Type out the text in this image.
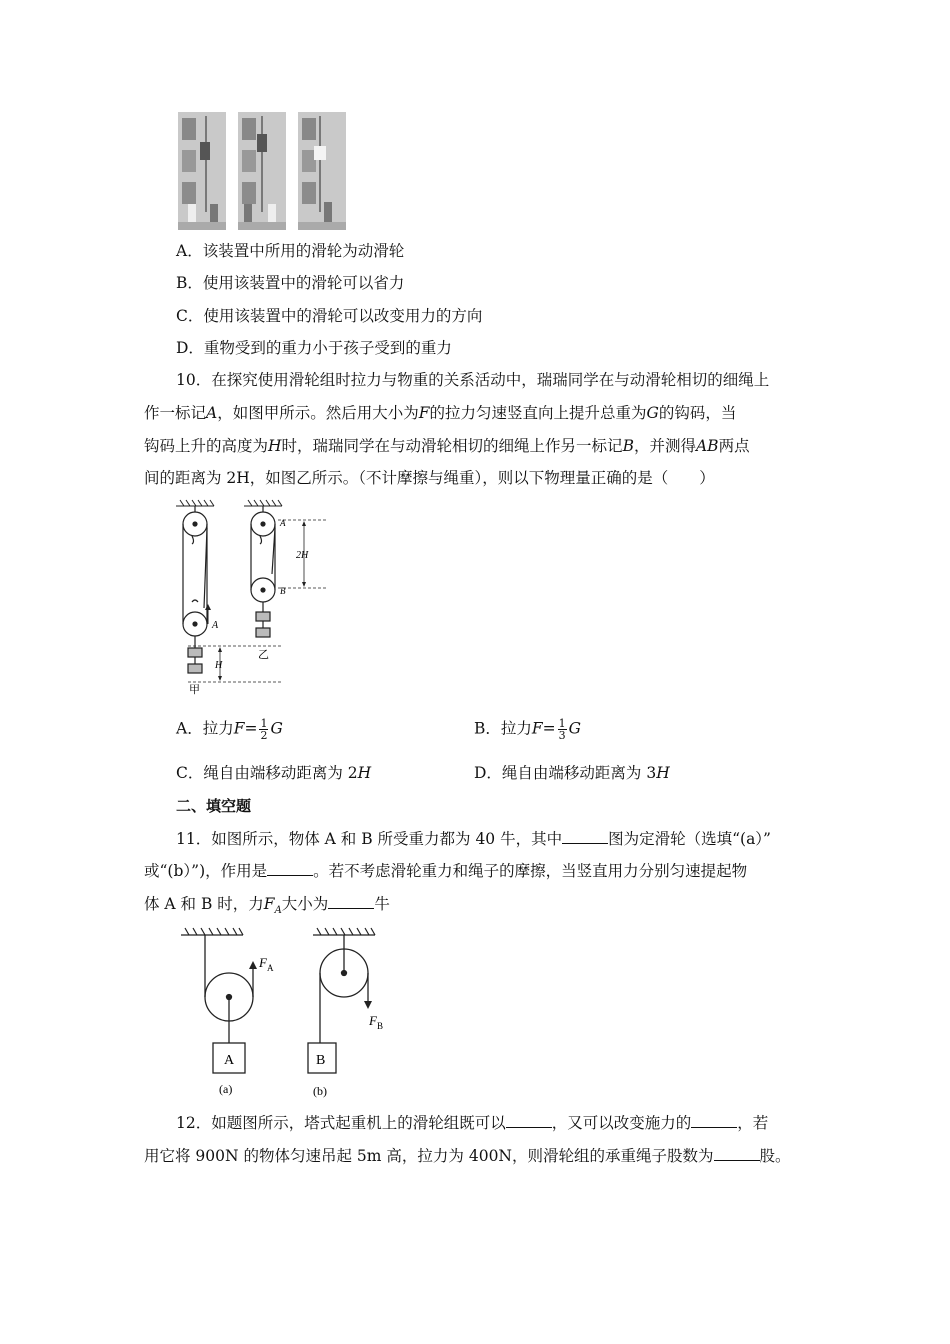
A．该装置中所用的滑轮为动滑轮
B．使用该装置中的滑轮可以省力
C．使用该装置中的滑轮可以改变用力的方向
D．重物受到的重力小于孩子受到的重力
10．在探究使用滑轮组时拉力与物重的关系活动中，瑞瑞同学在与动滑轮相切的细绳上
作一标记A，如图甲所示。然后用大小为F的拉力匀速竖直向上提升总重为G的钩码，当
钩码上升的高度为H时，瑞瑞同学在与动滑轮相切的细绳上作另一标记B，并测得AB两点
间的距离为 2H，如图乙所示。（不计摩擦与绳重），则以下物理量正确的是（　　）
A
H
甲
A
B
2H
乙
A．拉力$F= \frac{1}{2}$ G	B．拉力$F= \frac{1}{3}$ G
C．绳自由端移动距离为 2H	D．绳自由端移动距离为 3H
二、填空题
11．如图所示，物体 A 和 B 所受重力都为 40 牛，其中	图为定滑轮（选填“(a）”
或“(b）”)，作用是	。若不考虑滑轮重力和绳子的摩擦，当竖直用力分别匀速提起物
体 A 和 B 时，力$F_A$大小为	牛
F A
A
(a)
F B
B
(b)
12．如题图所示，塔式起重机上的滑轮组既可以	，又可以改变施力的	，若
用它将 900N 的物体匀速吊起 5m 高，拉力为 400N，则滑轮组的承重绳子股数为	股。
